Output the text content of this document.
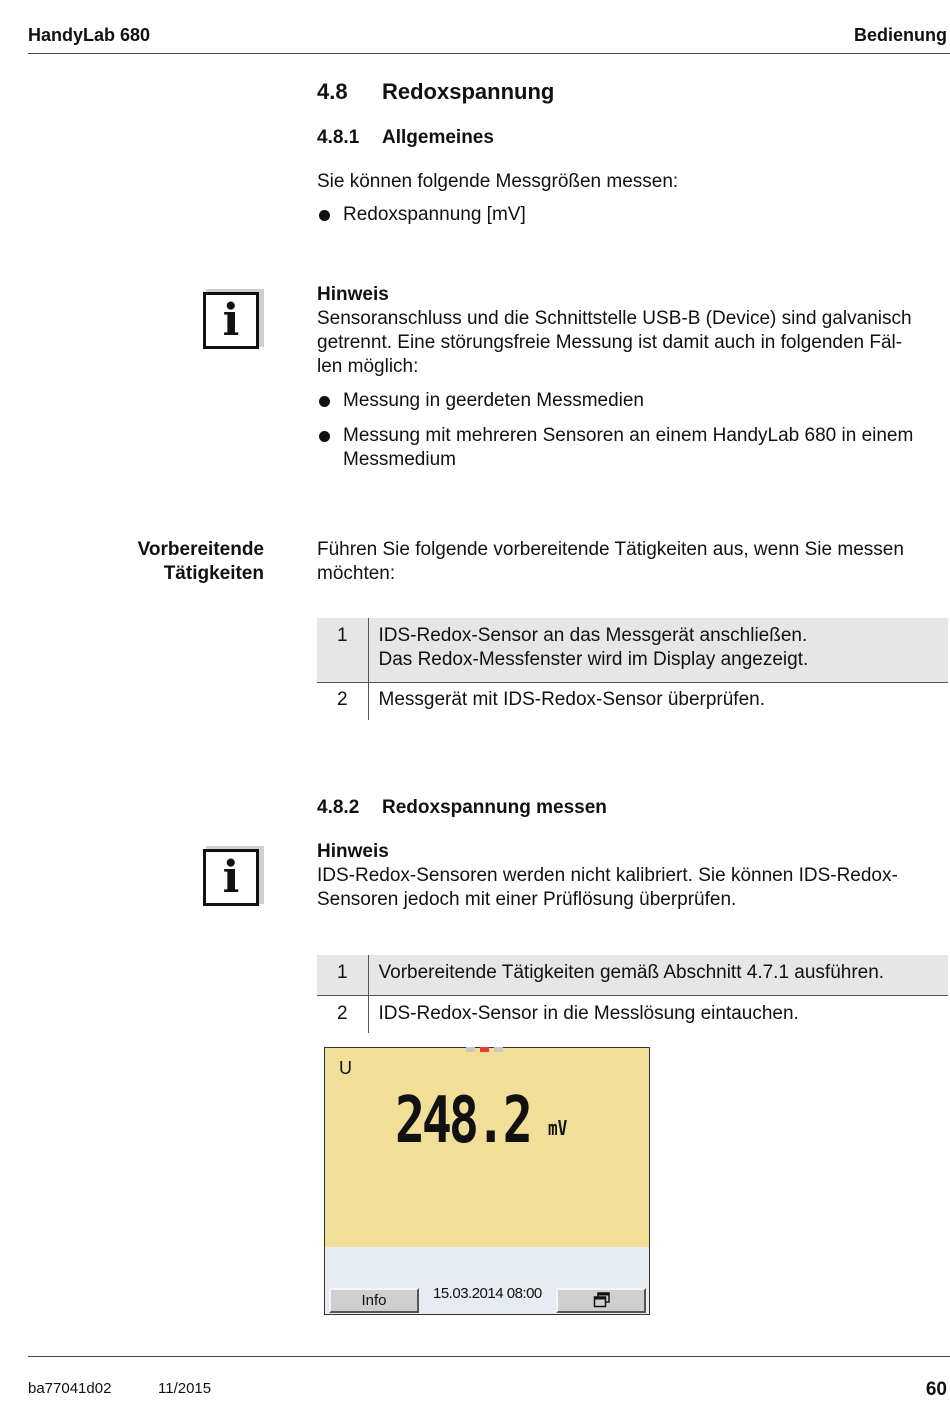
HandyLab 680	Bedienung
4.8 Redoxspannung
4.8.1 Allgemeines
Sie können folgende Messgrößen messen:
Redoxspannung [mV]
i
Hinweis
Sensoranschluss und die Schnittstelle USB-B (Device) sind galvanisch
getrennt. Eine störungsfreie Messung ist damit auch in folgenden Fäl-
len möglich:
Messung in geerdeten Messmedien
Messung mit mehreren Sensoren an einem HandyLab 680 in einem
Messmedium
Vorbereitende
Tätigkeiten
Führen Sie folgende vorbereitende Tätigkeiten aus, wenn Sie messen
möchten:
1	IDS-Redox-Sensor an das Messgerät anschließen.
Das Redox-Messfenster wird im Display angezeigt.

2	Messgerät mit IDS-Redox-Sensor überprüfen.
4.8.2 Redoxspannung messen
i
Hinweis
IDS-Redox-Sensoren werden nicht kalibriert. Sie können IDS-Redox-
Sensoren jedoch mit einer Prüflösung überprüfen.
1	Vorbereitende Tätigkeiten gemäß Abschnitt 4.7.1 ausführen.
2	IDS-Redox-Sensor in die Messlösung eintauchen.
U
248.2 mV
Info	15.03.2014 08:00
ba77041d02	11/2015	60
